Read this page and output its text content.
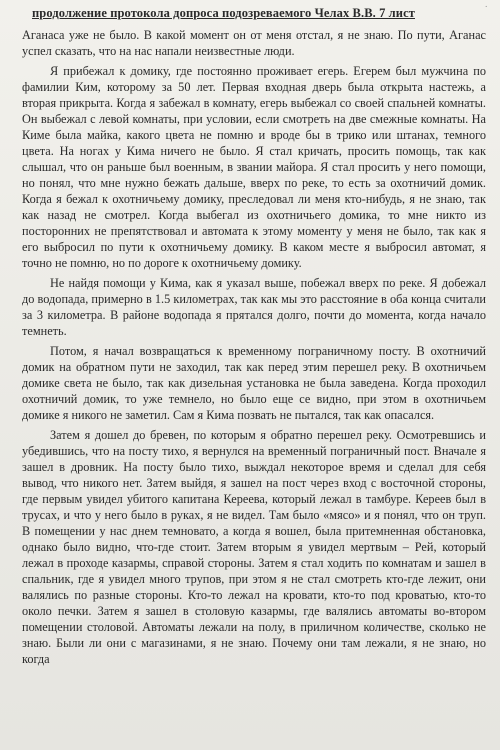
˙
продолжение протокола допроса подозреваемого Челах В.В. 7 лист

Аганаса уже не было. В какой момент он от меня отстал, я не знаю. По пути, Аганас успел сказать, что на нас напали неизвестные люди.

Я прибежал к домику, где постоянно проживает егерь. Егерем был мужчина по фамилии Ким, которому за 50 лет. Первая входная дверь была открыта настежь, а вторая прикрыта. Когда я забежал в комнату, егерь выбежал со своей спальней комнаты. Он выбежал с левой комнаты, при условии, если смотреть на две смежные комнаты. На Киме была майка, какого цвета не помню и вроде бы в трико или штанах, темного цвета. На ногах у Кима ничего не было. Я стал кричать, просить помощь, так как слышал, что он раньше был военным, в звании майора. Я стал просить у него помощи, но понял, что мне нужно бежать дальше, вверх по реке, то есть за охотничий домик. Когда я бежал к охотничьему домику, преследовал ли меня кто-нибудь, я не знаю, так как назад не смотрел. Когда выбегал из охотничьего домика, то мне никто из посторонних не препятствовал и автомата к этому моменту у меня не было, так как я его выбросил по пути к охотничьему домику. В каком месте я выбросил автомат, я точно не помню, но по дороге к охотничьему домику.

Не найдя помощи у Кима, как я указал выше, побежал вверх по реке. Я добежал до водопада, примерно в 1.5 километрах, так как мы это расстояние в оба конца считали за 3 километра. В районе водопада я прятался долго, почти до момента, когда начало темнеть.

Потом, я начал возвращаться к временному пограничному посту. В охотничий домик на обратном пути не заходил, так как перед этим перешел реку. В охотничьем домике света не было, так как дизельная установка не была заведена. Когда проходил охотничий домик, то уже темнело, но было еще се видно, при этом в охотничьем домике я никого не заметил. Сам я Кима позвать не пытался, так как опасался.

Затем я дошел до бревен, по которым я обратно перешел реку. Осмотревшись и убедившись, что на посту тихо, я вернулся на временный пограничный пост. Вначале я зашел в дровник. На посту было тихо, выждал некоторое время и сделал для себя вывод, что никого нет. Затем выйдя, я зашел на пост через вход с восточной стороны, где первым увидел убитого капитана Кереева, который лежал в тамбуре. Кереев был в трусах, и что у него было в руках, я не видел. Там было «мясо» и я понял, что он труп. В помещении у нас днем темновато, а когда я вошел, была притемненная обстановка, однако было видно, что-где стоит. Затем вторым я увидел мертвым – Рей, который лежал в проходе казармы, справой стороны. Затем я стал ходить по комнатам и зашел в спальник, где я увидел много трупов, при этом я не стал смотреть кто-где лежит, они валялись по разные стороны. Кто-то лежал на кровати, кто-то под кроватью, кто-то около печки. Затем я зашел в столовую казармы, где валялись автоматы во-втором помещении столовой. Автоматы лежали на полу, в приличном количестве, сколько не знаю. Были ли они с магазинами, я не знаю. Почему они там лежали, я не знаю, но когда
